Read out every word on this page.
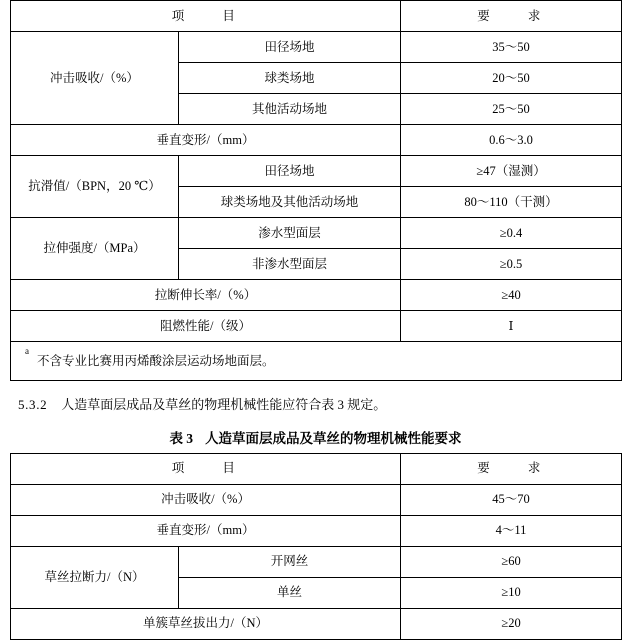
项　　目		要　　求
冲击吸收/（%）	田径场地	35～50
	球类场地	20～50
	其他活动场地	25～50
垂直变形/（mm）		0.6～3.0
抗滑值/（BPN，20 ℃）	田径场地	≥47（湿测）
	球类场地及其他活动场地	80～110（干测）
拉伸强度/（MPa）	渗水型面层	≥0.4
	非渗水型面层	≥0.5
拉断伸长率/（%）		≥40
阻燃性能/（级）		Ⅰ

a
不含专业比赛用丙烯酸涂层运动场地面层。		

5.3.2 人造草面层成品及草丝的物理机械性能应符合表 3 规定。

表 3 人造草面层成品及草丝的物理机械性能要求
项　　目		要　　求
冲击吸收/（%）		45～70
垂直变形/（mm）		4～11
草丝拉断力/（N）	开网丝	≥60
	单丝	≥10
单簇草丝拔出力/（N）		≥20
